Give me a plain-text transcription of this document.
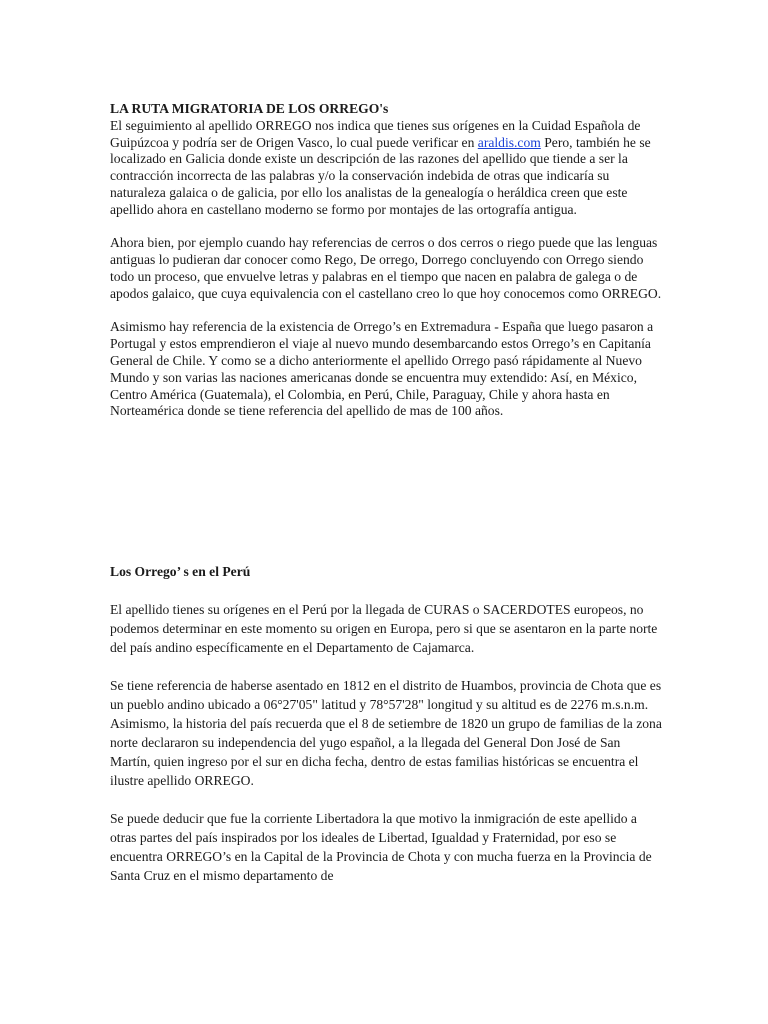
LA RUTA MIGRATORIA DE LOS ORREGO's
El seguimiento al apellido ORREGO nos indica que tienes sus orígenes en la Cuidad Española de Guipúzcoa y podría ser de Origen Vasco, lo cual puede verificar en araldis.com Pero, también he se localizado en Galicia donde existe un descripción de las razones del apellido que tiende a ser la contracción incorrecta de las palabras y/o la conservación indebida de otras que indicaría su naturaleza galaica o de galicia, por ello los analistas de la genealogía o heráldica creen que este apellido ahora en castellano moderno se formo por montajes de las ortografía antigua.

Ahora bien, por ejemplo cuando hay referencias de cerros o dos cerros o riego puede que las lenguas antiguas lo pudieran dar conocer como Rego, De orrego, Dorrego concluyendo con Orrego siendo todo un proceso, que envuelve letras y palabras en el tiempo que nacen en palabra de galega o de apodos galaico, que cuya equivalencia con el castellano creo lo que hoy conocemos como ORREGO.

Asimismo hay referencia de la existencia de Orrego’s en Extremadura - España que luego pasaron a Portugal y estos emprendieron el viaje al nuevo mundo desembarcando estos Orrego’s en Capitanía General de Chile. Y como se a dicho anteriormente el apellido Orrego pasó rápidamente al Nuevo Mundo y son varias las naciones americanas donde se encuentra muy extendido: Así, en México, Centro América (Guatemala), el Colombia, en Perú, Chile, Paraguay, Chile y ahora hasta en Norteamérica donde se tiene referencia del apellido de mas de 100 años.

Los Orrego’ s en el Perú

El apellido tienes su orígenes en el Perú por la llegada de CURAS o SACERDOTES europeos, no podemos determinar en este momento su origen en Europa, pero si que se asentaron en la parte norte del país andino específicamente en el Departamento de Cajamarca.

Se tiene referencia de haberse asentado en 1812 en el distrito de Huambos, provincia de Chota que es un pueblo andino ubicado a 06°27'05" latitud y 78°57'28" longitud y su altitud es de 2276 m.s.n.m. Asimismo, la historia del país recuerda que el 8 de setiembre de 1820 un grupo de familias de la zona norte declararon su independencia del yugo español, a la llegada del General Don José de San Martín, quien ingreso por el sur en dicha fecha, dentro de estas familias históricas se encuentra el ilustre apellido ORREGO.

Se puede deducir que fue la corriente Libertadora la que motivo la inmigración de este apellido a otras partes del país inspirados por los ideales de Libertad, Igualdad y Fraternidad, por eso se encuentra ORREGO’s en la Capital de la Provincia de Chota y con mucha fuerza en la Provincia de Santa Cruz en el mismo departamento de
